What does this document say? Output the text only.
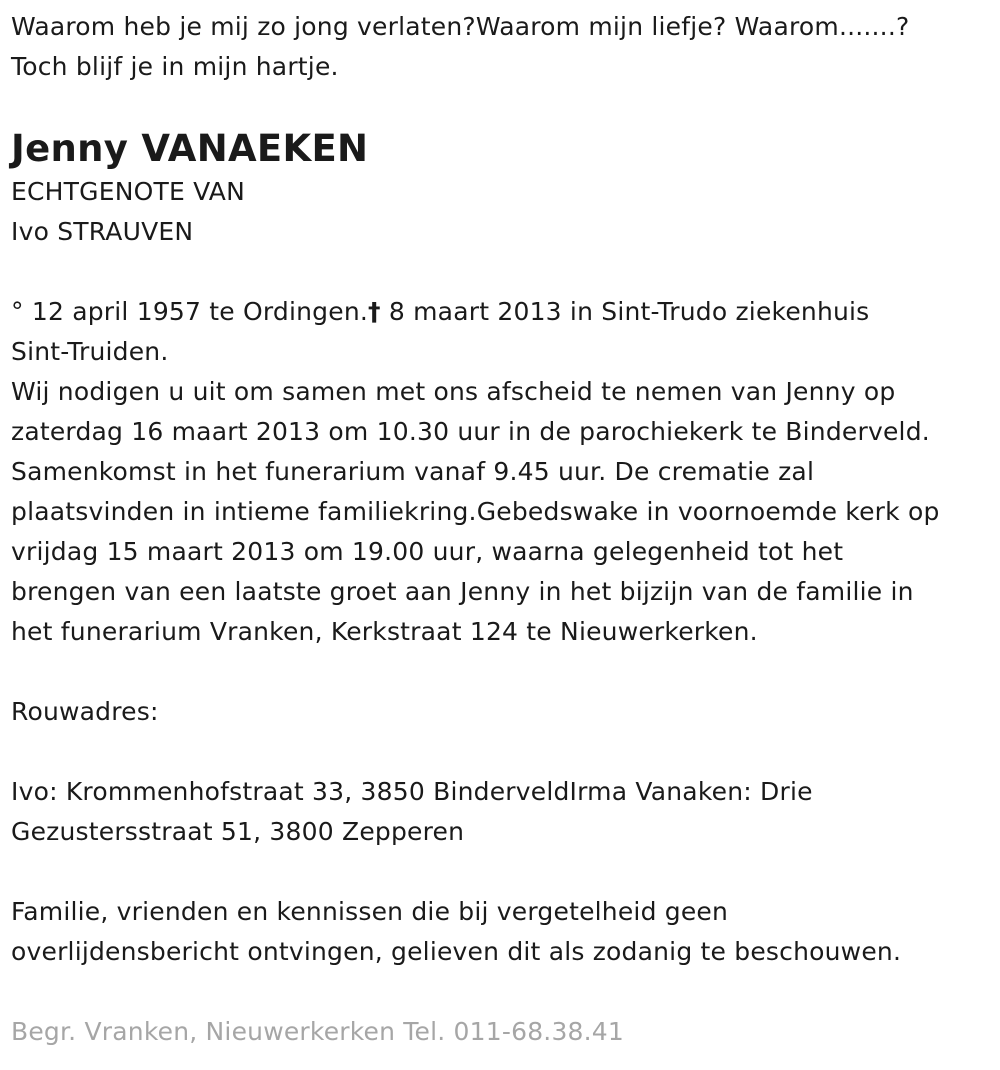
Waarom heb je mij zo jong verlaten?Waarom mijn liefje? Waarom.......?
Toch blijf je in mijn hartje.
Jenny VANAEKEN
ECHTGENOTE VAN
Ivo STRAUVEN
° 12 april 1957 te Ordingen.† 8 maart 2013 in Sint-Trudo ziekenhuis
Sint-Truiden.
Wij nodigen u uit om samen met ons afscheid te nemen van Jenny op
zaterdag 16 maart 2013 om 10.30 uur in de parochiekerk te Binderveld.
Samenkomst in het funerarium vanaf 9.45 uur. De crematie zal
plaatsvinden in intieme familiekring.Gebedswake in voornoemde kerk op
vrijdag 15 maart 2013 om 19.00 uur, waarna gelegenheid tot het
brengen van een laatste groet aan Jenny in het bijzijn van de familie in
het funerarium Vranken, Kerkstraat 124 te Nieuwerkerken.
Rouwadres:
Ivo: Krommenhofstraat 33, 3850 BinderveldIrma Vanaken: Drie
Gezustersstraat 51, 3800 Zepperen
Familie, vrienden en kennissen die bij vergetelheid geen
overlijdensbericht ontvingen, gelieven dit als zodanig te beschouwen.
Begr. Vranken, Nieuwerkerken Tel. 011-68.38.41
